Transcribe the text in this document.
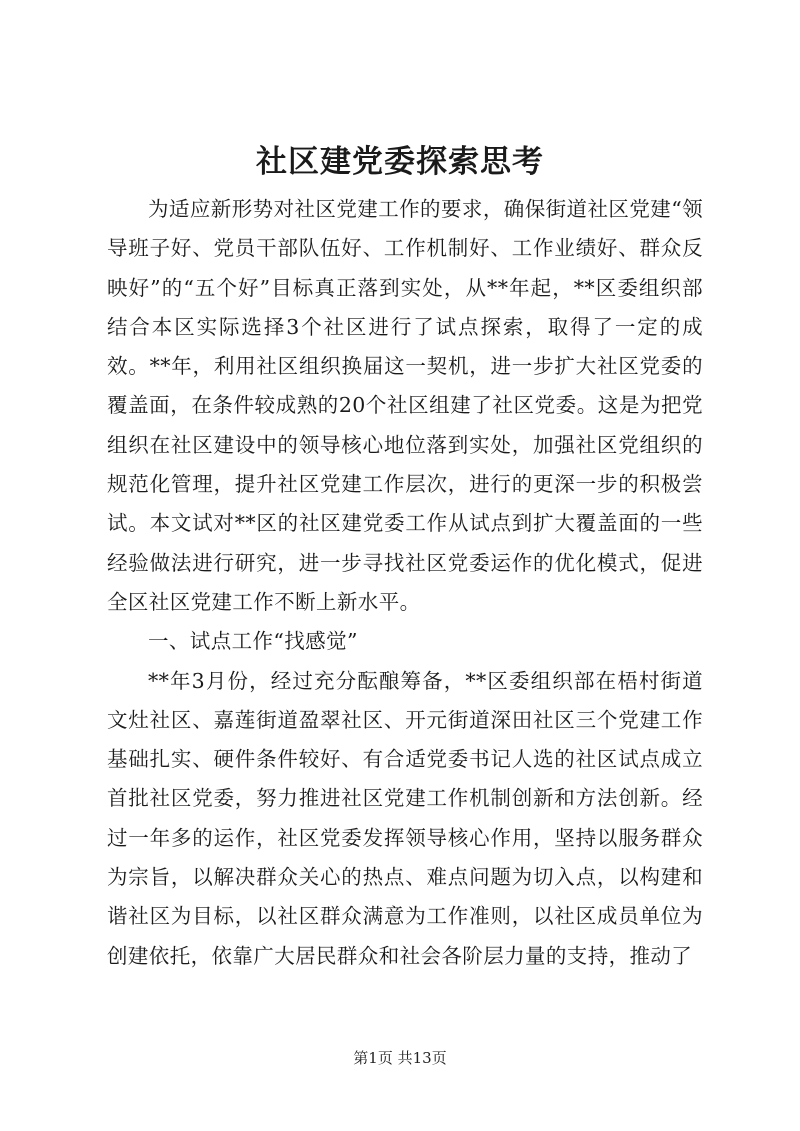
社区建党委探索思考

为适应新形势对社区党建工作的要求，确保街道社区党建“领导班子好、党员干部队伍好、工作机制好、工作业绩好、群众反映好”的“五个好”目标真正落到实处，从**年起，**区委组织部结合本区实际选择3个社区进行了试点探索，取得了一定的成效。**年，利用社区组织换届这一契机，进一步扩大社区党委的覆盖面，在条件较成熟的20个社区组建了社区党委。这是为把党组织在社区建设中的领导核心地位落到实处，加强社区党组织的规范化管理，提升社区党建工作层次，进行的更深一步的积极尝试。本文试对**区的社区建党委工作从试点到扩大覆盖面的一些经验做法进行研究，进一步寻找社区党委运作的优化模式，促进全区社区党建工作不断上新水平。

一、试点工作“找感觉”

**年3月份，经过充分酝酿筹备，**区委组织部在梧村街道文灶社区、嘉莲街道盈翠社区、开元街道深田社区三个党建工作基础扎实、硬件条件较好、有合适党委书记人选的社区试点成立首批社区党委，努力推进社区党建工作机制创新和方法创新。经过一年多的运作，社区党委发挥领导核心作用，坚持以服务群众为宗旨，以解决群众关心的热点、难点问题为切入点，以构建和谐社区为目标，以社区群众满意为工作准则，以社区成员单位为创建依托，依靠广大居民群众和社会各阶层力量的支持，推动了

第1页 共13页
